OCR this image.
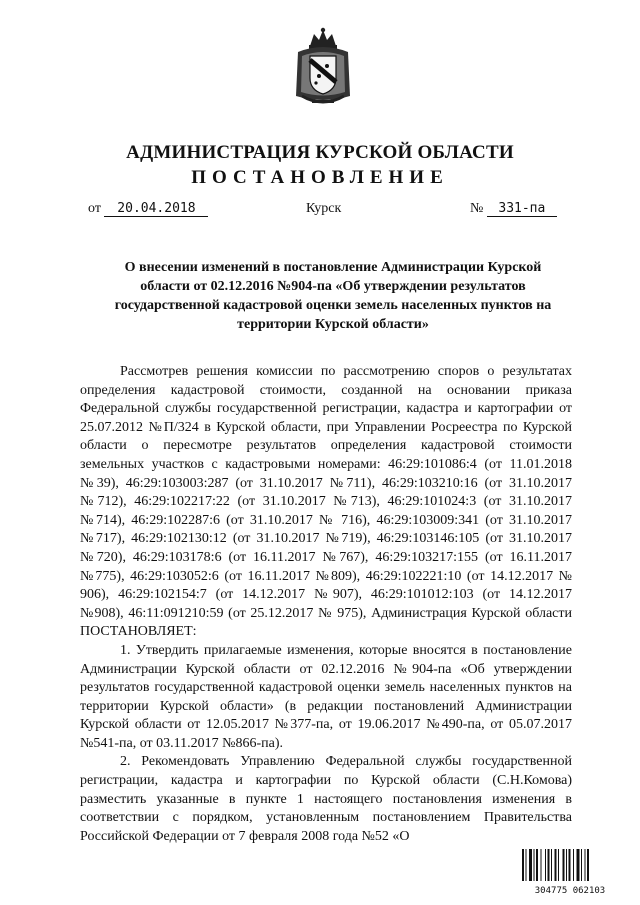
АДМИНИСТРАЦИЯ КУРСКОЙ ОБЛАСТИ
ПОСТАНОВЛЕНИЕ
от 20.04.2018	Курск	№ 331-па
О внесении изменений в постановление Администрации Курской области от 02.12.2016 №904-па «Об утверждении результатов государственной кадастровой оценки земель населенных пунктов на территории Курской области»

Рассмотрев решения комиссии по рассмотрению споров о результатах определения кадастровой стоимости, созданной на основании приказа Федеральной службы государственной регистрации, кадастра и картографии от 25.07.2012 №П/324 в Курской области, при Управлении Росреестра по Курской области о пересмотре результатов определения кадастровой стоимости земельных участков с кадастровыми номерами: 46:29:101086:4 (от 11.01.2018 №39), 46:29:103003:287 (от 31.10.2017 №711), 46:29:103210:16 (от 31.10.2017 №712), 46:29:102217:22 (от 31.10.2017 №713), 46:29:101024:3 (от 31.10.2017 №714), 46:29:102287:6 (от 31.10.2017 № 716), 46:29:103009:341 (от 31.10.2017 №717), 46:29:102130:12 (от 31.10.2017 №719), 46:29:103146:105 (от 31.10.2017 №720), 46:29:103178:6 (от 16.11.2017 №767), 46:29:103217:155 (от 16.11.2017 №775), 46:29:103052:6 (от 16.11.2017 №809), 46:29:102221:10 (от 14.12.2017 № 906), 46:29:102154:7 (от 14.12.2017 №907), 46:29:101012:103 (от 14.12.2017 №908), 46:11:091210:59 (от 25.12.2017 № 975), Администрация Курской области ПОСТАНОВЛЯЕТ:

1. Утвердить прилагаемые изменения, которые вносятся в постановление Администрации Курской области от 02.12.2016 №904-па «Об утверждении результатов государственной кадастровой оценки земель населенных пунктов на территории Курской области» (в редакции постановлений Администрации Курской области от 12.05.2017 №377-па, от 19.06.2017 №490-па, от 05.07.2017 №541-па, от 03.11.2017 №866-па).

2. Рекомендовать Управлению Федеральной службы государственной регистрации, кадастра и картографии по Курской области (С.Н.Комова) разместить указанные в пункте 1 настоящего постановления изменения в соответствии с порядком, установленным постановлением Правительства Российской Федерации от 7 февраля 2008 года №52 «О

304775 062103
